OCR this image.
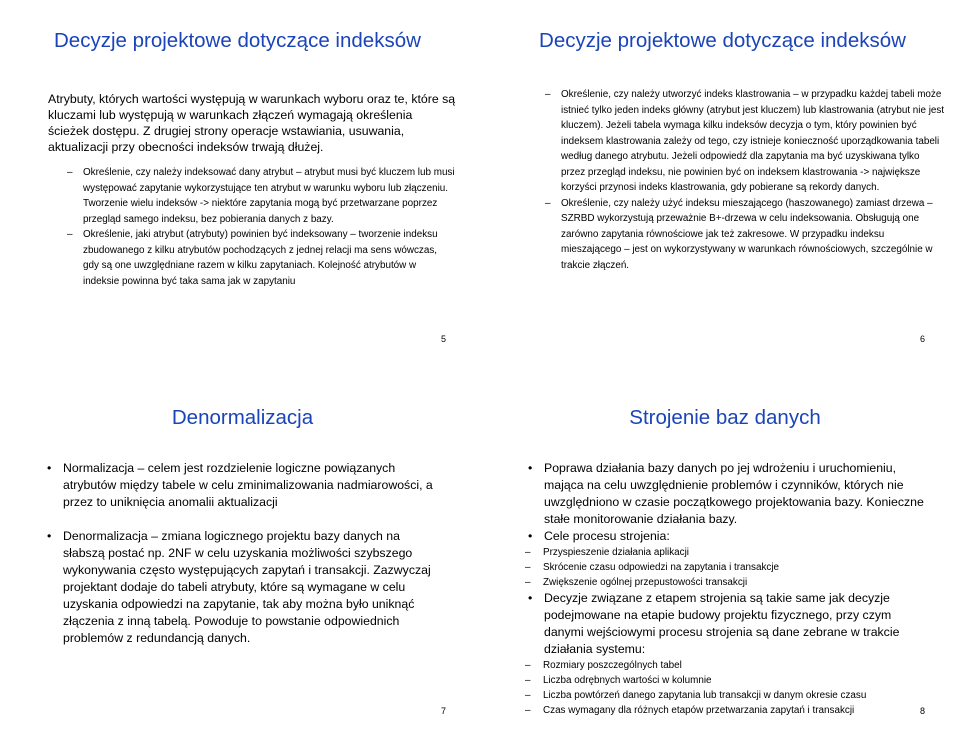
Decyzje projektowe dotyczące indeksów
Atrybuty, których wartości występują w warunkach wyboru oraz te, które są kluczami lub występują w warunkach złączeń wymagają określenia ścieżek dostępu. Z drugiej strony operacje wstawiania, usuwania, aktualizacji przy obecności indeksów trwają dłużej.
– Określenie, czy należy indeksować dany atrybut – atrybut musi być kluczem lub musi występować zapytanie wykorzystujące ten atrybut w warunku wyboru lub złączeniu. Tworzenie wielu indeksów -> niektóre zapytania mogą być przetwarzane poprzez przegląd samego indeksu, bez pobierania danych z bazy.
– Określenie, jaki atrybut (atrybuty) powinien być indeksowany – tworzenie indeksu zbudowanego z kilku atrybutów pochodzących z jednej relacji ma sens wówczas, gdy są one uwzględniane razem w kilku zapytaniach. Kolejność atrybutów w indeksie powinna być taka sama jak w zapytaniu
Decyzje projektowe dotyczące indeksów
– Określenie, czy należy utworzyć indeks klastrowania – w przypadku każdej tabeli może istnieć tylko jeden indeks główny (atrybut jest kluczem) lub klastrowania (atrybut nie jest kluczem). Jeżeli tabela wymaga kilku indeksów decyzja o tym, który powinien być indeksem klastrowania zależy od tego, czy istnieje konieczność uporządkowania tabeli według danego atrybutu. Jeżeli odpowiedź dla zapytania ma być uzyskiwana tylko przez przegląd indeksu, nie powinien być on indeksem klastrowania -> największe korzyści przynosi indeks klastrowania, gdy pobierane są rekordy danych.
– Określenie, czy należy użyć indeksu mieszającego (haszowanego) zamiast drzewa – SZRBD wykorzystują przeważnie B+-drzewa w celu indeksowania. Obsługują one zarówno zapytania równościowe jak też zakresowe. W przypadku indeksu mieszającego – jest on wykorzystywany w warunkach równościowych, szczególnie w trakcie złączeń.
5	6
Denormalizacja
• Normalizacja – celem jest rozdzielenie logiczne powiązanych atrybutów między tabele w celu zminimalizowania nadmiarowości, a przez to uniknięcia anomalii aktualizacji
• Denormalizacja – zmiana logicznego projektu bazy danych na słabszą postać np. 2NF w celu uzyskania możliwości szybszego wykonywania często występujących zapytań i transakcji. Zazwyczaj projektant dodaje do tabeli atrybuty, które są wymagane w celu uzyskania odpowiedzi na zapytanie, tak aby można było uniknąć złączenia z inną tabelą. Powoduje to powstanie odpowiednich problemów z redundancją danych.
Strojenie baz danych
• Poprawa działania bazy danych po jej wdrożeniu i uruchomieniu, mająca na celu uwzględnienie problemów i czynników, których nie uwzględniono w czasie początkowego projektowania bazy. Konieczne stałe monitorowanie działania bazy.
• Cele procesu strojenia:
– Przyspieszenie działania aplikacji
– Skrócenie czasu odpowiedzi na zapytania i transakcje
– Zwiększenie ogólnej przepustowości transakcji
• Decyzje związane z etapem strojenia są takie same jak decyzje podejmowane na etapie budowy projektu fizycznego, przy czym danymi wejściowymi procesu strojenia są dane zebrane w trakcie działania systemu:
– Rozmiary poszczególnych tabel
– Liczba odrębnych wartości w kolumnie
– Liczba powtórzeń danego zapytania lub transakcji w danym okresie czasu
– Czas wymagany dla różnych etapów przetwarzania zapytań i transakcji
7	8
